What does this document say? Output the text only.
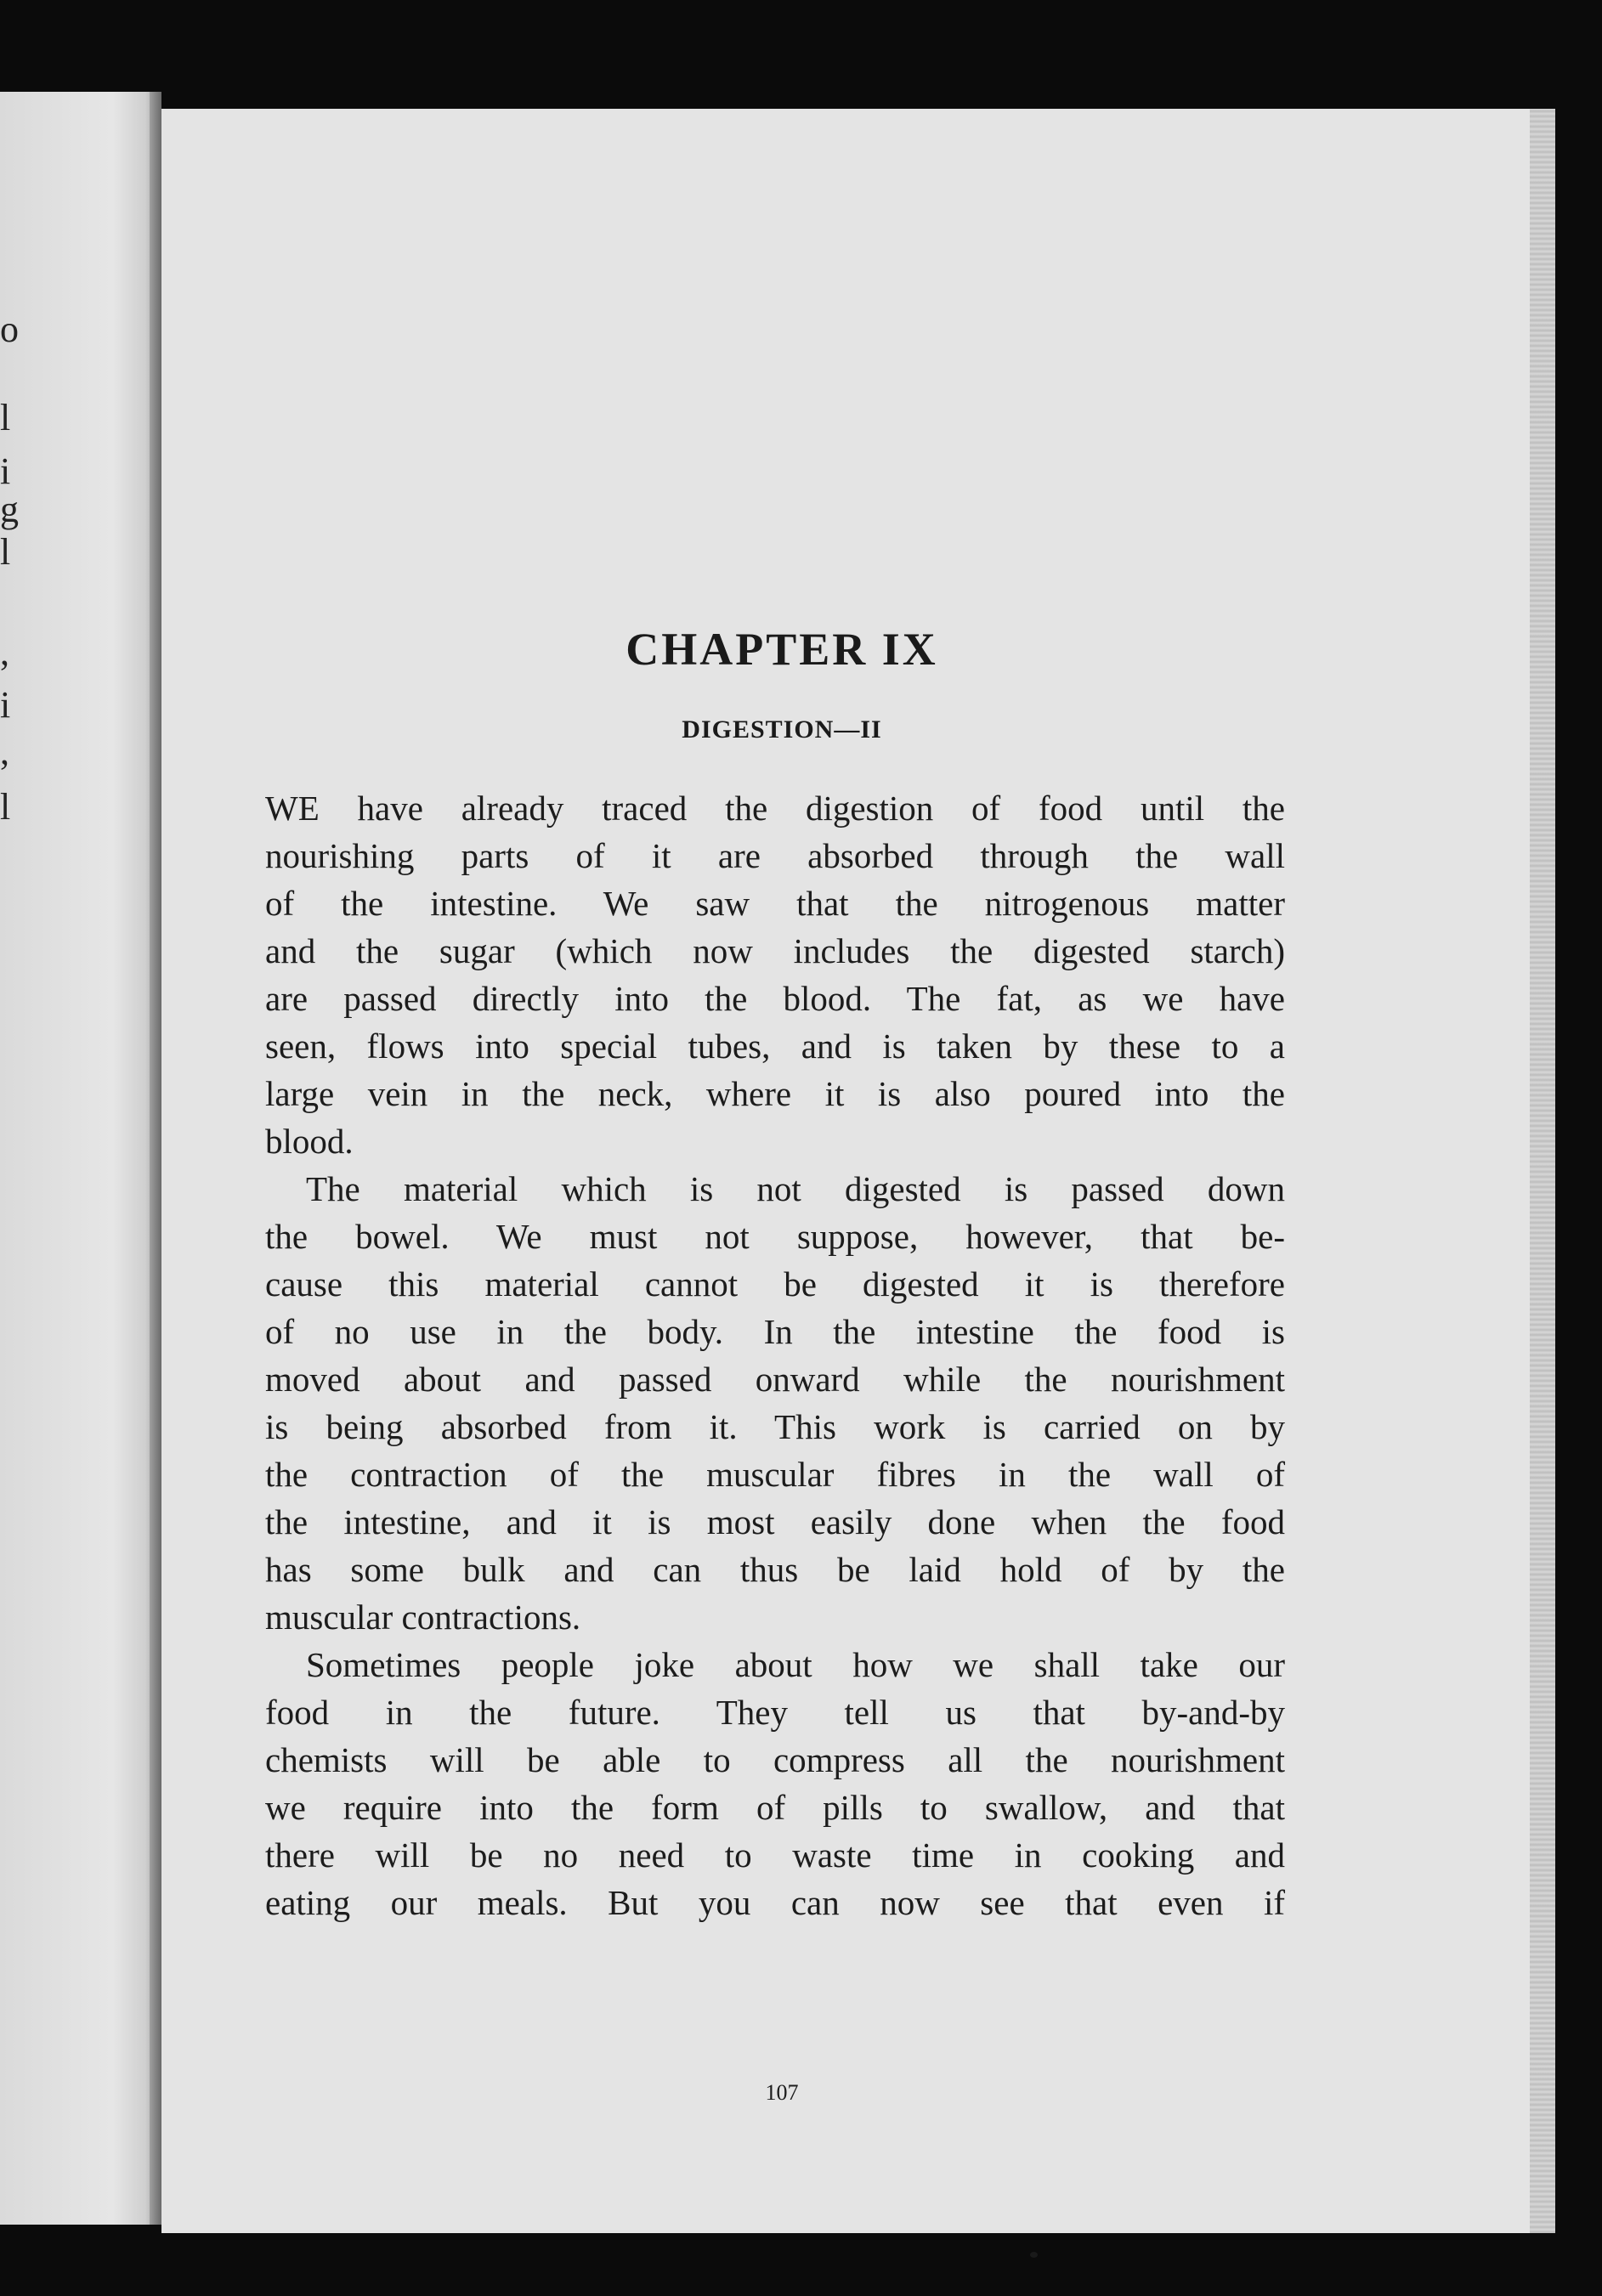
o
l
i
g
l
,
i
,
l
CHAPTER IX
DIGESTION—II
WE have already traced the digestion of food until the
nourishing parts of it are absorbed through the wall
of the intestine. We saw that the nitrogenous matter
and the sugar (which now includes the digested starch)
are passed directly into the blood. The fat, as we have
seen, flows into special tubes, and is taken by these to a
large vein in the neck, where it is also poured into the
blood.
The material which is not digested is passed down
the bowel. We must not suppose, however, that be-
cause this material cannot be digested it is therefore
of no use in the body. In the intestine the food is
moved about and passed onward while the nourishment
is being absorbed from it. This work is carried on by
the contraction of the muscular fibres in the wall of
the intestine, and it is most easily done when the food
has some bulk and can thus be laid hold of by the
muscular contractions.
Sometimes people joke about how we shall take our
food in the future. They tell us that by-and-by
chemists will be able to compress all the nourishment
we require into the form of pills to swallow, and that
there will be no need to waste time in cooking and
eating our meals. But you can now see that even if
107
